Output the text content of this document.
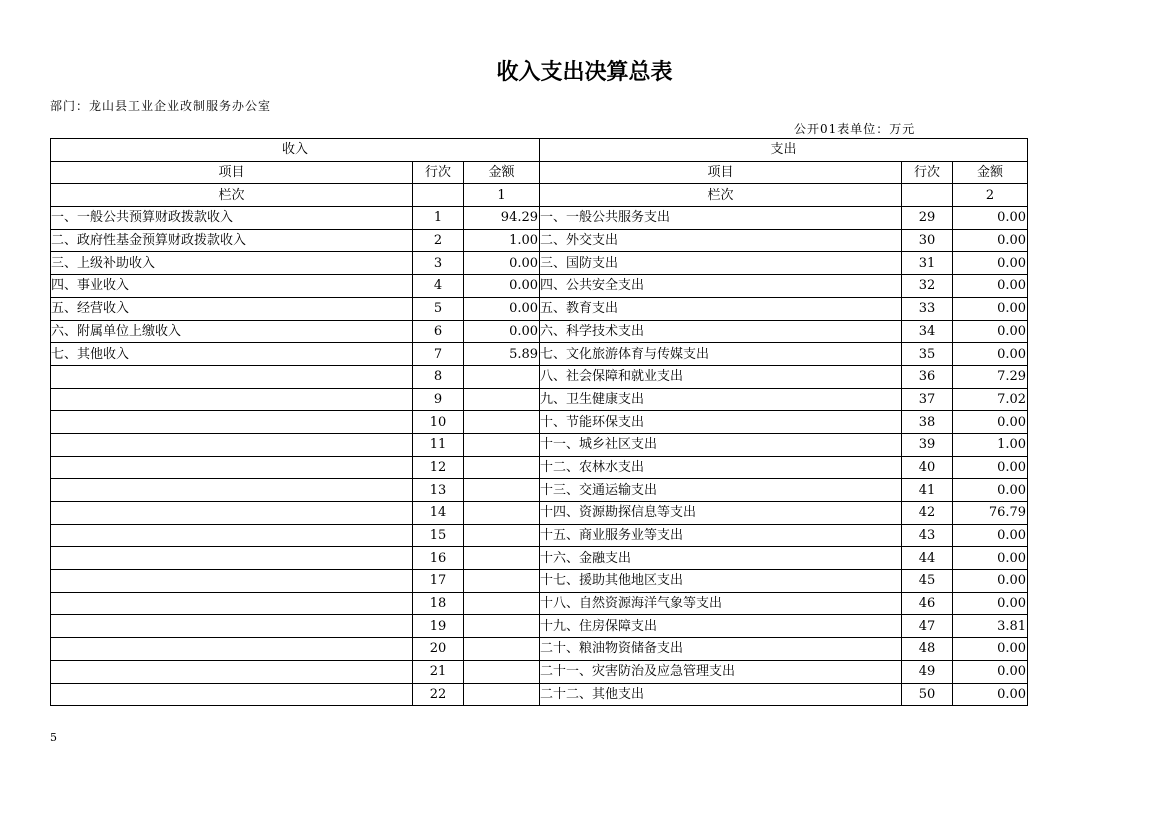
收入支出决算总表
部门：龙山县工业企业改制服务办公室
公开01表单位：万元
收入			支出		
项目	行次	金额	项目	行次	金额
栏次		1	栏次		2
一、一般公共预算财政拨款收入	1	94.29	一、一般公共服务支出	29	0.00
二、政府性基金预算财政拨款收入	2	1.00	二、外交支出	30	0.00
三、上级补助收入	3	0.00	三、国防支出	31	0.00
四、事业收入	4	0.00	四、公共安全支出	32	0.00
五、经营收入	5	0.00	五、教育支出	33	0.00
六、附属单位上缴收入	6	0.00	六、科学技术支出	34	0.00
七、其他收入	7	5.89	七、文化旅游体育与传媒支出	35	0.00
	8		八、社会保障和就业支出	36	7.29
	9		九、卫生健康支出	37	7.02
	10		十、节能环保支出	38	0.00
	11		十一、城乡社区支出	39	1.00
	12		十二、农林水支出	40	0.00
	13		十三、交通运输支出	41	0.00
	14		十四、资源勘探信息等支出	42	76.79
	15		十五、商业服务业等支出	43	0.00
	16		十六、金融支出	44	0.00
	17		十七、援助其他地区支出	45	0.00
	18		十八、自然资源海洋气象等支出	46	0.00
	19		十九、住房保障支出	47	3.81
	20		二十、粮油物资储备支出	48	0.00
	21		二十一、灾害防治及应急管理支出	49	0.00
	22		二十二、其他支出	50	0.00
5
